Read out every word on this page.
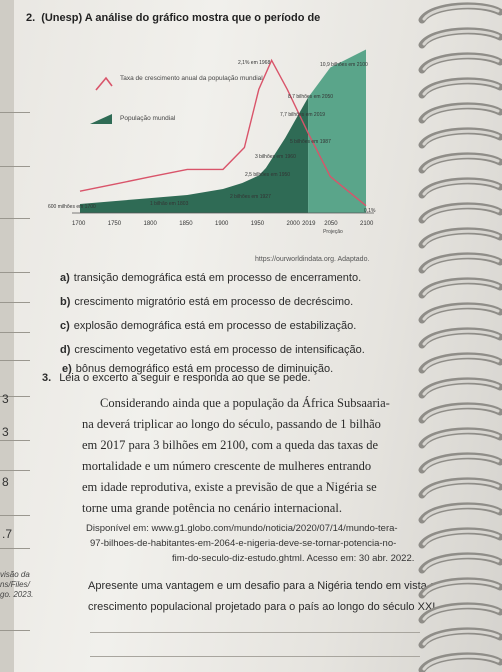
3
3
8
.7
visão da
ns/Files/
go. 2023.
2. (Unesp) A análise do gráfico mostra que o período de
Taxa de crescimento anual da população mundial
População mundial
1700	1750	1800	1850	1900	1950	2000 2019 2050	2100
Projeção
600 milhões em 1700	1 bilhão em 1803
2 bilhões em 1927
2,5 bilhões em 1950
3 bilhões em 1960
5 bilhões em 1987
7,7 bilhões em 2019
8,7 bilhões em 2050
10,9 bilhões em 2100
2,1% em 1968
0,1%
https://ourworldindata.org. Adaptado.
a) transição demográfica está em processo de encerramento.
b) crescimento migratório está em processo de decréscimo.
c) explosão demográfica está em processo de estabilização.
d) crescimento vegetativo está em processo de intensificação.
e) bônus demográfico está em processo de diminuição.
3. Leia o excerto a seguir e responda ao que se pede.
Considerando ainda que a população da África Subsaaria-
na deverá triplicar ao longo do século, passando de 1 bilhão
em 2017 para 3 bilhões em 2100, com a queda das taxas de
mortalidade e um número crescente de mulheres entrando
em idade reprodutiva, existe a previsão de que a Nigéria se
torne uma grande potência no cenário internacional.
Disponível em: www.g1.globo.com/mundo/noticia/2020/07/14/mundo-tera-
97-bilhoes-de-habitantes-em-2064-e-nigeria-deve-se-tornar-potencia-no-
fim-do-seculo-diz-estudo.ghtml. Acesso em: 30 abr. 2022.
Apresente uma vantagem e um desafio para a Nigéria tendo em vista o
crescimento populacional projetado para o país ao longo do século XXI.
